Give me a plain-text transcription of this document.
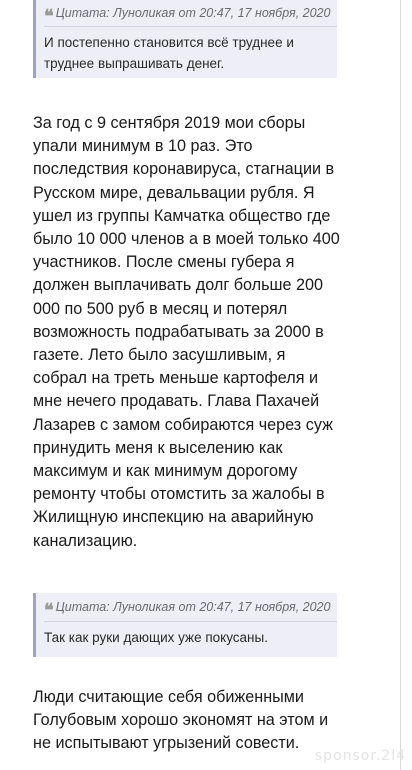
❝ Цитата: Луноликая от 20:47, 17 ноября, 2020
И постепенно становится всё труднее и труднее выпрашивать денег.
За год с 9 сентября 2019 мои сборы упали минимум в 10 раз. Это последствия коронавируса, стагнации в Русском мире, девальвации рубля. Я ушел из группы Камчатка общество где было 10 000 членов а в моей только 400 участников. После смены губера я должен выплачивать долг больше 200 000 по 500 руб в месяц и потерял возможность подрабатывать за 2000 в газете. Лето было засушливым, я собрал на треть меньше картофеля и мне нечего продавать. Глава Пахачей Лазарев с замом собираются через суж принудить меня к выселению как максимум и как минимум дорогому ремонту чтобы отомстить за жалобы в Жилищную инспекцию на аварийную канализацию.
❝ Цитата: Луноликая от 20:47, 17 ноября, 2020
Так как руки дающих уже покусаны.
Люди считающие себя обиженными Голубовым хорошо экономят на этом и не испытывают угрызений совести.
sponsor.2l4
